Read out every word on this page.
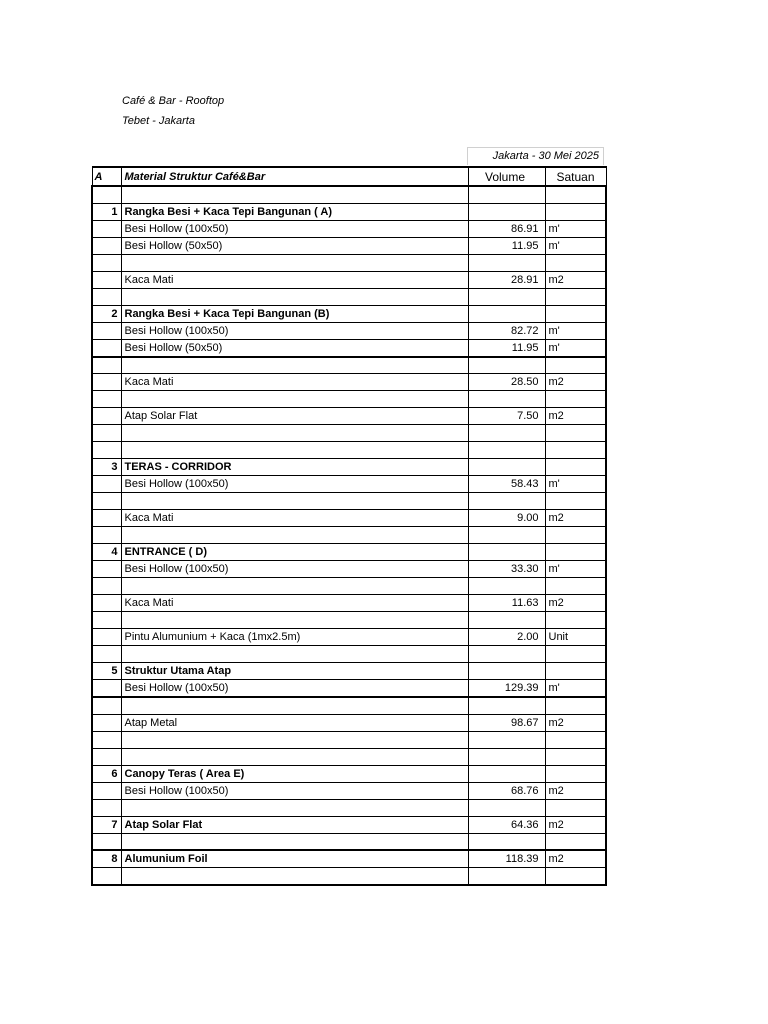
Café & Bar - Rooftop
Tebet - Jakarta
Jakarta - 30 Mei 2025
A	Material Struktur Café&Bar	Volume	Satuan

1	Rangka Besi + Kaca Tepi Bangunan ( A)		
	Besi Hollow (100x50)	86.91	m'
	Besi Hollow (50x50)	11.95	m'

	Kaca Mati	28.91	m2

2	Rangka Besi + Kaca Tepi Bangunan (B)		
	Besi Hollow (100x50)	82.72	m'
	Besi Hollow (50x50)	11.95	m'

	Kaca Mati	28.50	m2

	Atap Solar Flat	7.50	m2

3	TERAS - CORRIDOR		
	Besi Hollow (100x50)	58.43	m'

	Kaca Mati	9.00	m2

4	ENTRANCE ( D)		
	Besi Hollow (100x50)	33.30	m'

	Kaca Mati	11.63	m2

	Pintu Alumunium + Kaca (1mx2.5m)	2.00	Unit

5	Struktur Utama Atap		
	Besi Hollow (100x50)	129.39	m'

	Atap Metal	98.67	m2

6	Canopy Teras ( Area E)		
	Besi Hollow (100x50)	68.76	m2

7	Atap Solar Flat	64.36	m2

8	Alumunium Foil	118.39	m2
